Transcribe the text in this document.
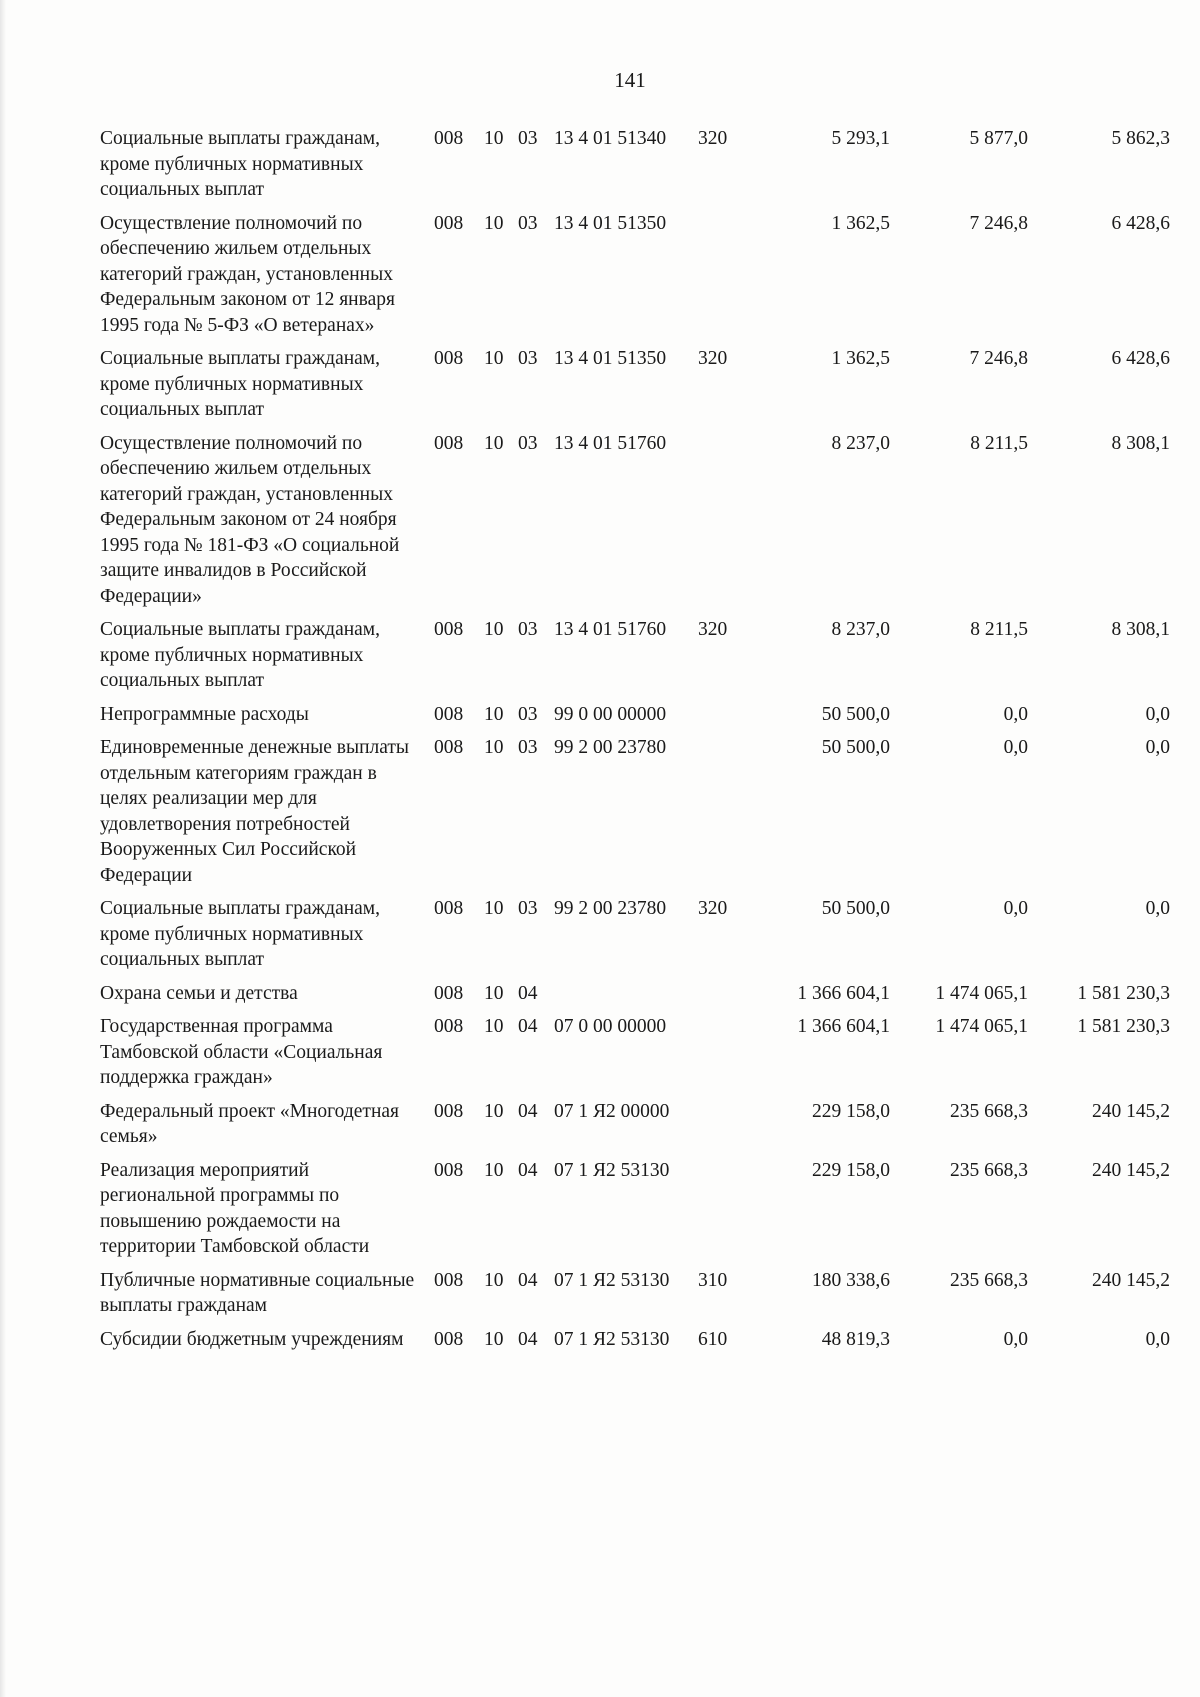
141
Социальные выплаты гражданам, кроме публичных нормативных социальных выплат	008	10	03	13 4 01 51340	320	5 293,1	5 877,0	5 862,3
Осуществление полномочий по обеспечению жильем отдельных категорий граждан, установленных Федеральным законом от 12 января 1995 года № 5-ФЗ «О ветеранах»	008	10	03	13 4 01 51350		1 362,5	7 246,8	6 428,6
Социальные выплаты гражданам, кроме публичных нормативных социальных выплат	008	10	03	13 4 01 51350	320	1 362,5	7 246,8	6 428,6
Осуществление полномочий по обеспечению жильем отдельных категорий граждан, установленных Федеральным законом от 24 ноября 1995 года № 181-ФЗ «О социальной защите инвалидов в Российской Федерации»	008	10	03	13 4 01 51760		8 237,0	8 211,5	8 308,1
Социальные выплаты гражданам, кроме публичных нормативных социальных выплат	008	10	03	13 4 01 51760	320	8 237,0	8 211,5	8 308,1
Непрограммные расходы	008	10	03	99 0 00 00000		50 500,0	0,0	0,0
Единовременные денежные выплаты отдельным категориям граждан в целях реализации мер для удовлетворения потребностей Вооруженных Сил Российской Федерации	008	10	03	99 2 00 23780		50 500,0	0,0	0,0
Социальные выплаты гражданам, кроме публичных нормативных социальных выплат	008	10	03	99 2 00 23780	320	50 500,0	0,0	0,0
Охрана семьи и детства	008	10	04			1 366 604,1	1 474 065,1	1 581 230,3
Государственная программа Тамбовской области «Социальная поддержка граждан»	008	10	04	07 0 00 00000		1 366 604,1	1 474 065,1	1 581 230,3
Федеральный проект «Многодетная семья»	008	10	04	07 1 Я2 00000		229 158,0	235 668,3	240 145,2
Реализация мероприятий региональной программы по повышению рождаемости на территории Тамбовской области	008	10	04	07 1 Я2 53130		229 158,0	235 668,3	240 145,2
Публичные нормативные социальные выплаты гражданам	008	10	04	07 1 Я2 53130	310	180 338,6	235 668,3	240 145,2
Субсидии бюджетным учреждениям	008	10	04	07 1 Я2 53130	610	48 819,3	0,0	0,0
